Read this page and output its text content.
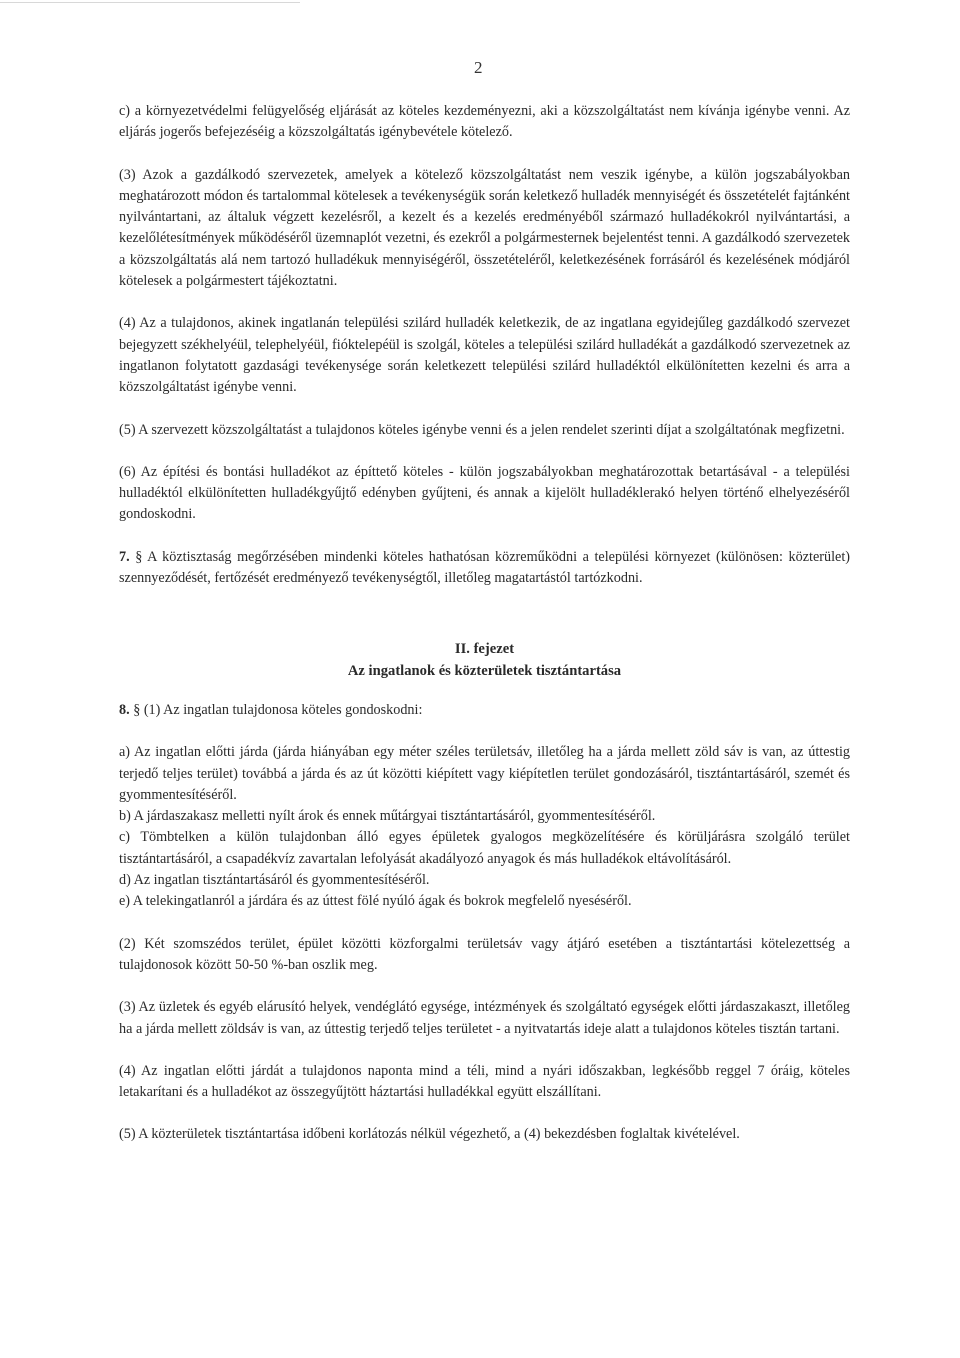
2

c) a környezetvédelmi felügyelőség eljárását az köteles kezdeményezni, aki a közszolgáltatást nem kívánja igénybe venni. Az eljárás jogerős befejezéséig a közszolgáltatás igénybevétele kötelező.

(3) Azok a gazdálkodó szervezetek, amelyek a kötelező közszolgáltatást nem veszik igénybe, a külön jogszabályokban meghatározott módon és tartalommal kötelesek a tevékenységük során keletkező hulladék mennyiségét és összetételét fajtánként nyilvántartani, az általuk végzett kezelésről, a kezelt és a kezelés eredményéből származó hulladékokról nyilvántartási, a kezelőlétesítmények működéséről üzemnaplót vezetni, és ezekről a polgármesternek bejelentést tenni. A gazdálkodó szervezetek a közszolgáltatás alá nem tartozó hulladékuk mennyiségéről, összetételéről, keletkezésének forrásáról és kezelésének módjáról kötelesek a polgármestert tájékoztatni.

(4) Az a tulajdonos, akinek ingatlanán települési szilárd hulladék keletkezik, de az ingatlana egyidejűleg gazdálkodó szervezet bejegyzett székhelyéül, telephelyéül, fióktelepéül is szolgál, köteles a települési szilárd hulladékát a gazdálkodó szervezetnek az ingatlanon folytatott gazdasági tevékenysége során keletkezett települési szilárd hulladéktól elkülönítetten kezelni és arra a közszolgáltatást igénybe venni.

(5) A szervezett közszolgáltatást a tulajdonos köteles igénybe venni és a jelen rendelet szerinti díjat a szolgáltatónak megfizetni.

(6) Az építési és bontási hulladékot az építtető köteles - külön jogszabályokban meghatározottak betartásával - a települési hulladéktól elkülönítetten hulladékgyűjtő edényben gyűjteni, és annak a kijelölt hulladéklerakó helyen történő elhelyezéséről gondoskodni.

7. § A köztisztaság megőrzésében mindenki köteles hathatósan közreműködni a települési környezet (különösen: közterület) szennyeződését, fertőzését eredményező tevékenységtől, illetőleg magatartástól tartózkodni.

II. fejezet

Az ingatlanok és közterületek tisztántartása

8. § (1) Az ingatlan tulajdonosa köteles gondoskodni:

a) Az ingatlan előtti járda (járda hiányában egy méter széles területsáv, illetőleg ha a járda mellett zöld sáv is van, az úttestig terjedő teljes terület) továbbá a járda és az út közötti kiépített vagy kiépítetlen terület gondozásáról, tisztántartásáról, szemét és gyommentesítéséről.

b) A járdaszakasz melletti nyílt árok és ennek műtárgyai tisztántartásáról, gyommentesítéséről.

c) Tömbtelken a külön tulajdonban álló egyes épületek gyalogos megközelítésére és körüljárásra szolgáló terület tisztántartásáról, a csapadékvíz zavartalan lefolyását akadályozó anyagok és más hulladékok eltávolításáról.

d) Az ingatlan tisztántartásáról és gyommentesítéséről.

e) A telekingatlanról a járdára és az úttest fölé nyúló ágak és bokrok megfelelő nyeséséről.

(2) Két szomszédos terület, épület közötti közforgalmi területsáv vagy átjáró esetében a tisztántartási kötelezettség a tulajdonosok között 50-50 %-ban oszlik meg.

(3) Az üzletek és egyéb elárusító helyek, vendéglátó egysége, intézmények és szolgáltató egységek előtti járdaszakaszt, illetőleg ha a járda mellett zöldsáv is van, az úttestig terjedő teljes területet - a nyitvatartás ideje alatt a tulajdonos köteles tisztán tartani.

(4) Az ingatlan előtti járdát a tulajdonos naponta mind a téli, mind a nyári időszakban, legkésőbb reggel 7 óráig, köteles letakarítani és a hulladékot az összegyűjtött háztartási hulladékkal együtt elszállítani.

(5) A közterületek tisztántartása időbeni korlátozás nélkül végezhető, a (4) bekezdésben foglaltak kivételével.
